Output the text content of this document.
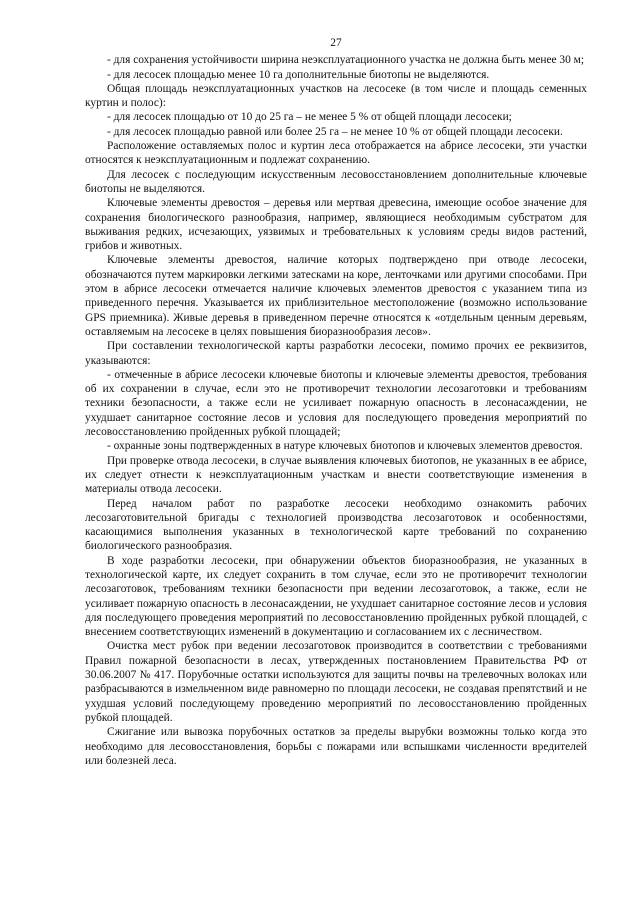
27

- для сохранения устойчивости ширина неэксплуатационного участка не должна быть менее 30 м;

- для лесосек площадью менее 10 га дополнительные биотопы не выделяются.

Общая площадь неэксплуатационных участков на лесосеке (в том числе и площадь семенных куртин и полос):

- для лесосек площадью от 10 до 25 га – не менее 5 % от общей площади лесосеки;

- для лесосек площадью равной или более 25 га – не менее 10 % от общей площади лесосеки.

Расположение оставляемых полос и куртин леса отображается на абрисе лесосеки, эти участки относятся к неэксплуатационным и подлежат сохранению.

Для лесосек с последующим искусственным лесовосстановлением дополнительные ключевые биотопы не выделяются.

Ключевые элементы древостоя – деревья или мертвая древесина, имеющие особое значение для сохранения биологического разнообразия, например, являющиеся необходимым субстратом для выживания редких, исчезающих, уязвимых и требовательных к условиям среды видов растений, грибов и животных.

Ключевые элементы древостоя, наличие которых подтверждено при отводе лесосеки, обозначаются путем маркировки легкими затесками на коре, ленточками или другими способами. При этом в абрисе лесосеки отмечается наличие ключевых элементов древостоя с указанием типа из приведенного перечня. Указывается их приблизительное местоположение (возможно использование GPS приемника). Живые деревья в приведенном перечне относятся к «отдельным ценным деревьям, оставляемым на лесосеке в целях повышения биоразнообразия лесов».

При составлении технологической карты разработки лесосеки, помимо прочих ее реквизитов, указываются:

- отмеченные в абрисе лесосеки ключевые биотопы и ключевые элементы древостоя, требования об их сохранении в случае, если это не противоречит технологии лесозаготовки и требованиям техники безопасности, а также если не усиливает пожарную опасность в лесонасаждении, не ухудшает санитарное состояние лесов и условия для последующего проведения мероприятий по лесовосстановлению пройденных рубкой площадей;

- охранные зоны подтвержденных в натуре ключевых биотопов и ключевых элементов древостоя.

При проверке отвода лесосеки, в случае выявления ключевых биотопов, не указанных в ее абрисе, их следует отнести к неэксплуатационным участкам и внести соответствующие изменения в материалы отвода лесосеки.

Перед началом работ по разработке лесосеки необходимо ознакомить рабочих лесозаготовительной бригады с технологией производства лесозаготовок и особенностями, касающимися выполнения указанных в технологической карте требований по сохранению биологического разнообразия.

В ходе разработки лесосеки, при обнаружении объектов биоразнообразия, не указанных в технологической карте, их следует сохранить в том случае, если это не противоречит технологии лесозаготовок, требованиям техники безопасности при ведении лесозаготовок, а также, если не усиливает пожарную опасность в лесонасаждении, не ухудшает санитарное состояние лесов и условия для последующего проведения мероприятий по лесовосстановлению пройденных рубкой площадей, с внесением соответствующих изменений в документацию и согласованием их с лесничеством.

Очистка мест рубок при ведении лесозаготовок производится в соответствии с требованиями Правил пожарной безопасности в лесах, утвержденных постановлением Правительства РФ от 30.06.2007 № 417. Порубочные остатки используются для защиты почвы на трелевочных волоках или разбрасываются в измельченном виде равномерно по площади лесосеки, не создавая препятствий и не ухудшая условий последующему проведению мероприятий по лесовосстановлению пройденных рубкой площадей.

Сжигание или вывозка порубочных остатков за пределы вырубки возможны только когда это необходимо для лесовосстановления, борьбы с пожарами или вспышками численности вредителей или болезней леса.
